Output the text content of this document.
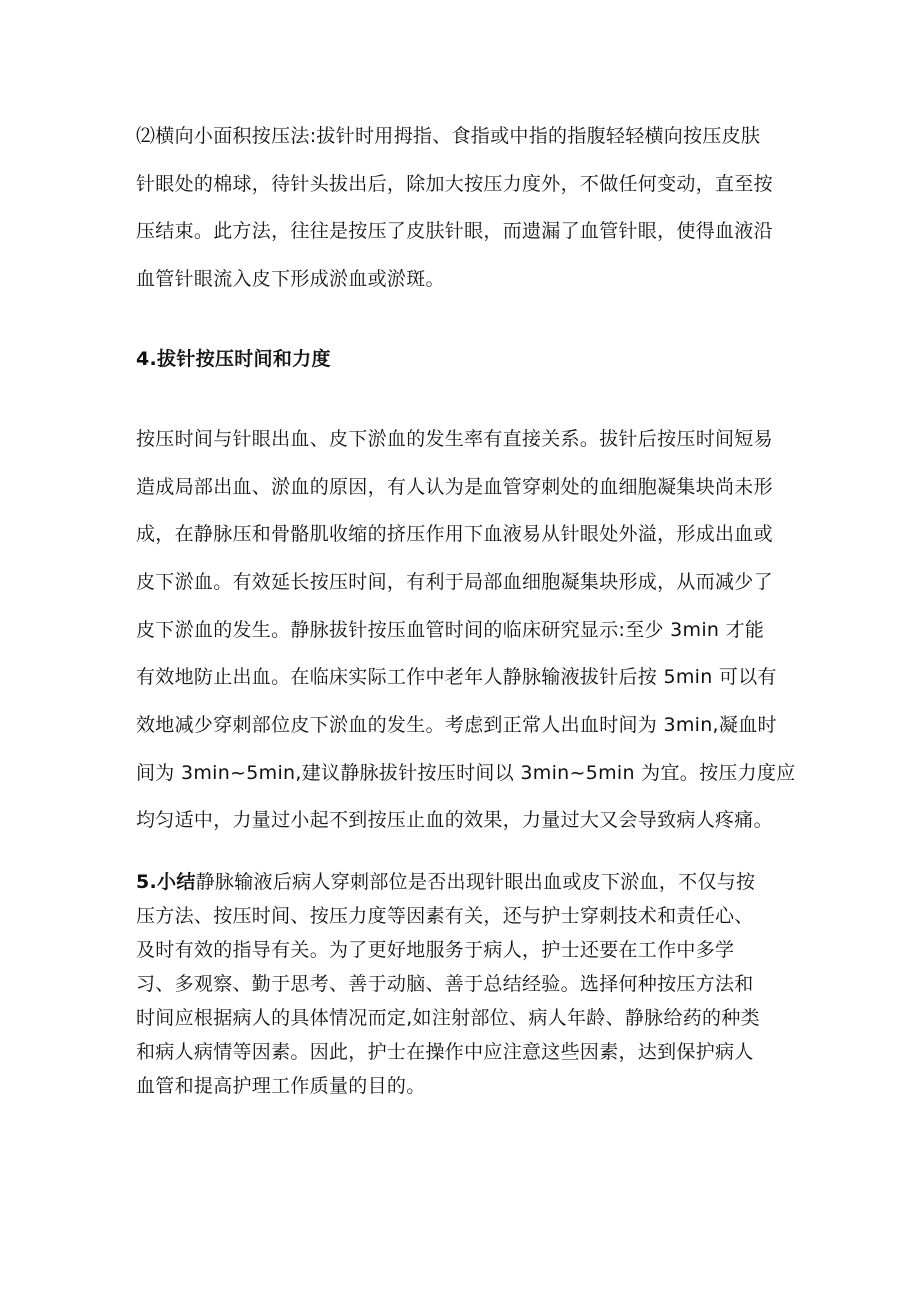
⑵横向小面积按压法:拔针时用拇指、食指或中指的指腹轻轻横向按压皮肤
针眼处的棉球，待针头拔出后，除加大按压力度外，不做任何变动，直至按
压结束。此方法，往往是按压了皮肤针眼，而遗漏了血管针眼，使得血液沿
血管针眼流入皮下形成淤血或淤斑。
4.拔针按压时间和力度
按压时间与针眼出血、皮下淤血的发生率有直接关系。拔针后按压时间短易
造成局部出血、淤血的原因，有人认为是血管穿刺处的血细胞凝集块尚未形
成，在静脉压和骨骼肌收缩的挤压作用下血液易从针眼处外溢，形成出血或
皮下淤血。有效延长按压时间，有利于局部血细胞凝集块形成，从而减少了
皮下淤血的发生。静脉拔针按压血管时间的临床研究显示:至少 3min 才能
有效地防止出血。在临床实际工作中老年人静脉输液拔针后按 5min 可以有
效地减少穿刺部位皮下淤血的发生。考虑到正常人出血时间为 3min,凝血时
间为 3min~5min,建议静脉拔针按压时间以 3min~5min 为宜。按压力度应
均匀适中，力量过小起不到按压止血的效果，力量过大又会导致病人疼痛。
5.小结静脉输液后病人穿刺部位是否出现针眼出血或皮下淤血，不仅与按
压方法、按压时间、按压力度等因素有关，还与护士穿刺技术和责任心、
及时有效的指导有关。为了更好地服务于病人，护士还要在工作中多学
习、多观察、勤于思考、善于动脑、善于总结经验。选择何种按压方法和
时间应根据病人的具体情况而定,如注射部位、病人年龄、静脉给药的种类
和病人病情等因素。因此，护士在操作中应注意这些因素，达到保护病人
血管和提高护理工作质量的目的。
